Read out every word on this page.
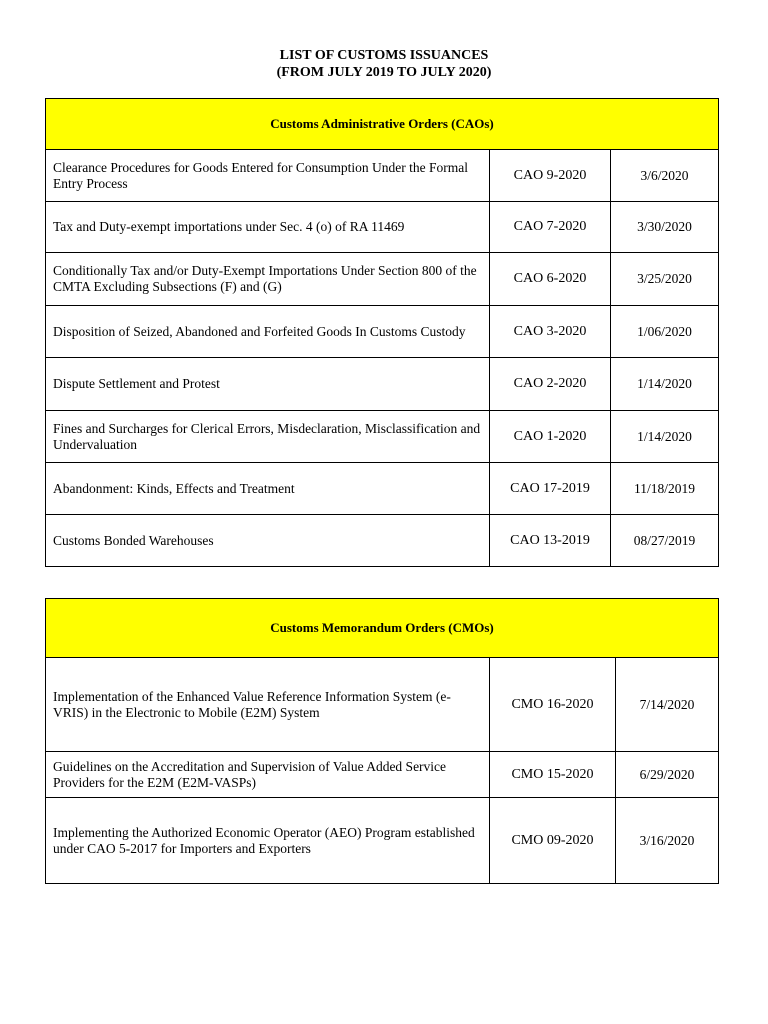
LIST OF CUSTOMS ISSUANCES
(FROM JULY 2019 TO JULY 2020)
Customs Administrative Orders (CAOs)		
Clearance Procedures for Goods Entered for Consumption Under the Formal Entry Process	CAO 9-2020	3/6/2020
Tax and Duty-exempt importations under Sec. 4 (o) of RA 11469	CAO 7-2020	3/30/2020
Conditionally Tax and/or Duty-Exempt Importations Under Section 800 of the CMTA Excluding Subsections (F) and (G)	CAO 6-2020	3/25/2020
Disposition of Seized, Abandoned and Forfeited Goods In Customs Custody	CAO 3-2020	1/06/2020
Dispute Settlement and Protest	CAO 2-2020	1/14/2020
Fines and Surcharges for Clerical Errors, Misdeclaration, Misclassification and Undervaluation	CAO 1-2020	1/14/2020
Abandonment: Kinds, Effects and Treatment	CAO 17-2019	11/18/2019
Customs Bonded Warehouses	CAO 13-2019	08/27/2019
Customs Memorandum Orders (CMOs)		
Implementation of the Enhanced Value Reference Information System (e-VRIS) in the Electronic to Mobile (E2M) System	CMO 16-2020	7/14/2020
Guidelines on the Accreditation and Supervision of Value Added Service Providers for the E2M (E2M-VASPs)	CMO 15-2020	6/29/2020
Implementing the Authorized Economic Operator (AEO) Program established under CAO 5-2017 for Importers and Exporters	CMO 09-2020	3/16/2020
